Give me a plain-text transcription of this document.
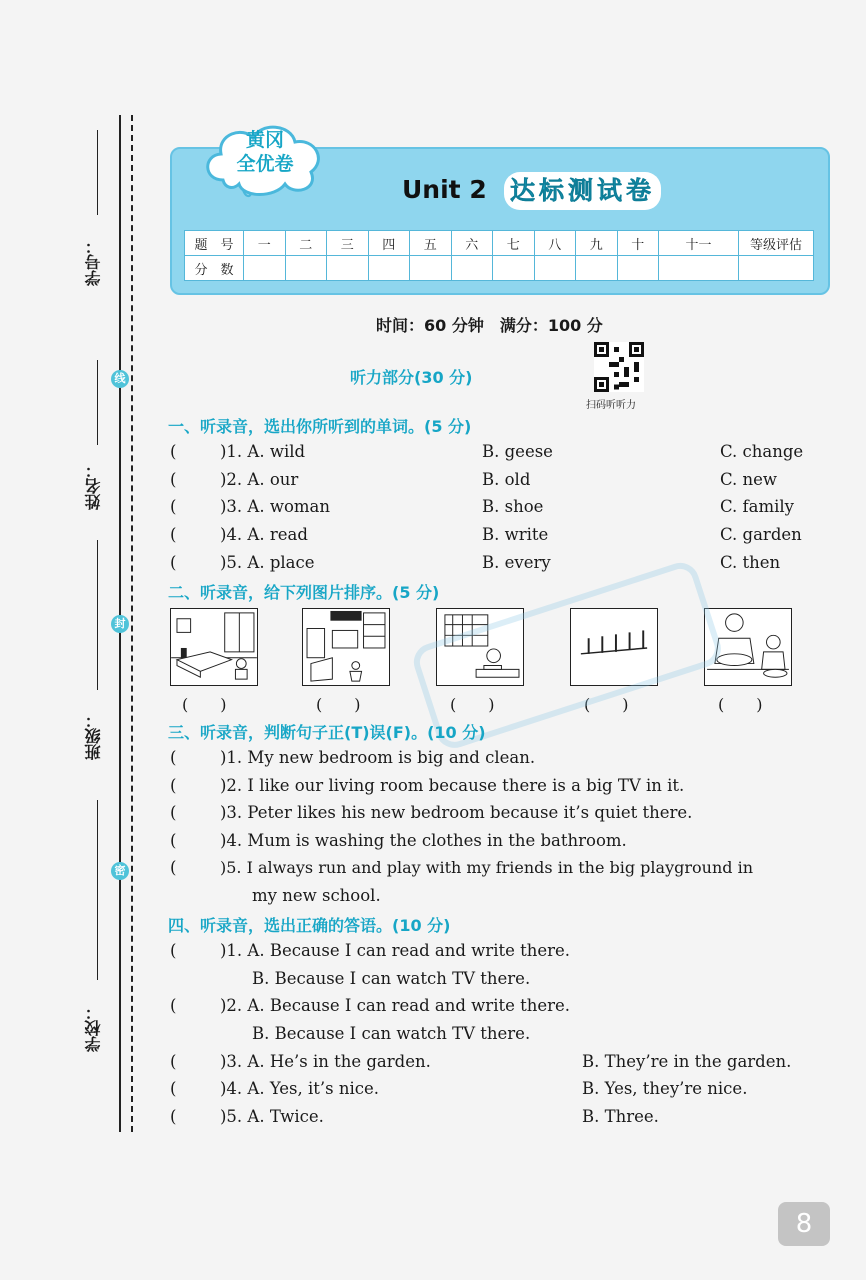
学号：
姓名：
班级：
学校：
线
封
密
黄冈
全优卷
Unit 2 达标测试卷
题　号	一	二	三	四	五	六	七	八	九	十	十一	等级评估
分　数												
时间：60 分钟　满分：100 分
听力部分(30 分)
扫码听听力
一、听录音，选出你所听到的单词。(5 分)
(	)1. A. wild	B. geese	C. change
(	)2. A. our	B. old	C. new
(	)3. A. woman	B. shoe	C. family
(	)4. A. read	B. write	C. garden
(	)5. A. place	B. every	C. then
二、听录音，给下列图片排序。(5 分)
(　　)	(　　)	(　　)	(　　)	(　　)
三、听录音，判断句子正(T)误(F)。(10 分)
(	)1. My new bedroom is big and clean.
(	)2. I like our living room because there is a big TV in it.
(	)3. Peter likes his new bedroom because it’s quiet there.
(	)4. Mum is washing the clothes in the bathroom.
(	)5. I always run and play with my friends in the big playground in
my new school.
四、听录音，选出正确的答语。(10 分)
(	)1. A. Because I can read and write there.
B. Because I can watch TV there.
(	)2. A. Because I can read and write there.
B. Because I can watch TV there.
(	)3. A. He’s in the garden.	B. They’re in the garden.
(	)4. A. Yes, it’s nice.	B. Yes, they’re nice.
(	)5. A. Twice.	B. Three.
8
